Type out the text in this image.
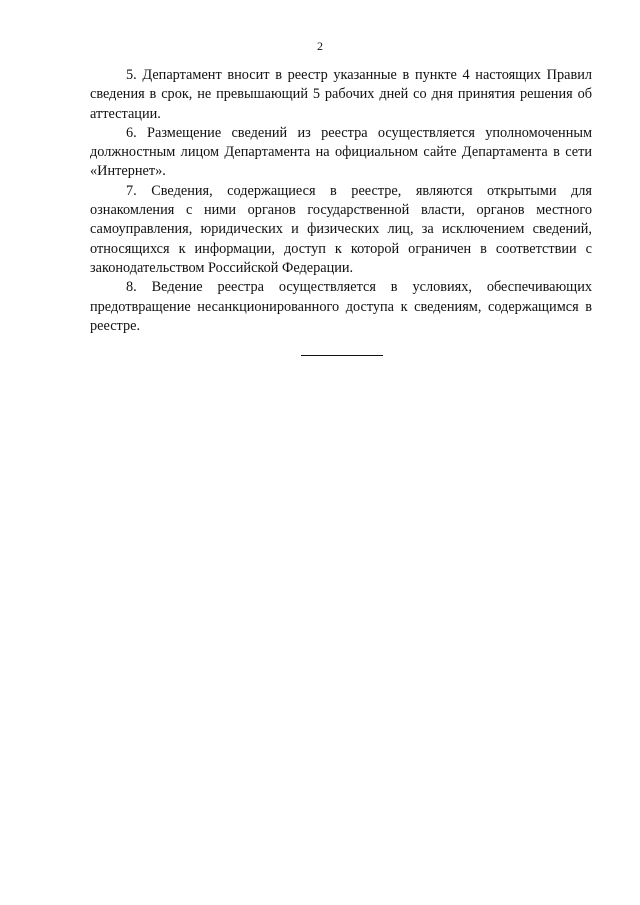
2

5. Департамент вносит в реестр указанные в пункте 4 настоящих Правил сведения в срок, не превышающий 5 рабочих дней со дня принятия решения об аттестации.

6. Размещение сведений из реестра осуществляется уполномоченным должностным лицом Департамента на официальном сайте Департамента в сети «Интернет».

7. Сведения, содержащиеся в реестре, являются открытыми для ознакомления с ними органов государственной власти, органов местного самоуправления, юридических и физических лиц, за исключением сведений, относящихся к информации, доступ к которой ограничен в соответствии с законодательством Российской Федерации.

8. Ведение реестра осуществляется в условиях, обеспечивающих предотвращение несанкционированного доступа к сведениям, содержащимся в реестре.
